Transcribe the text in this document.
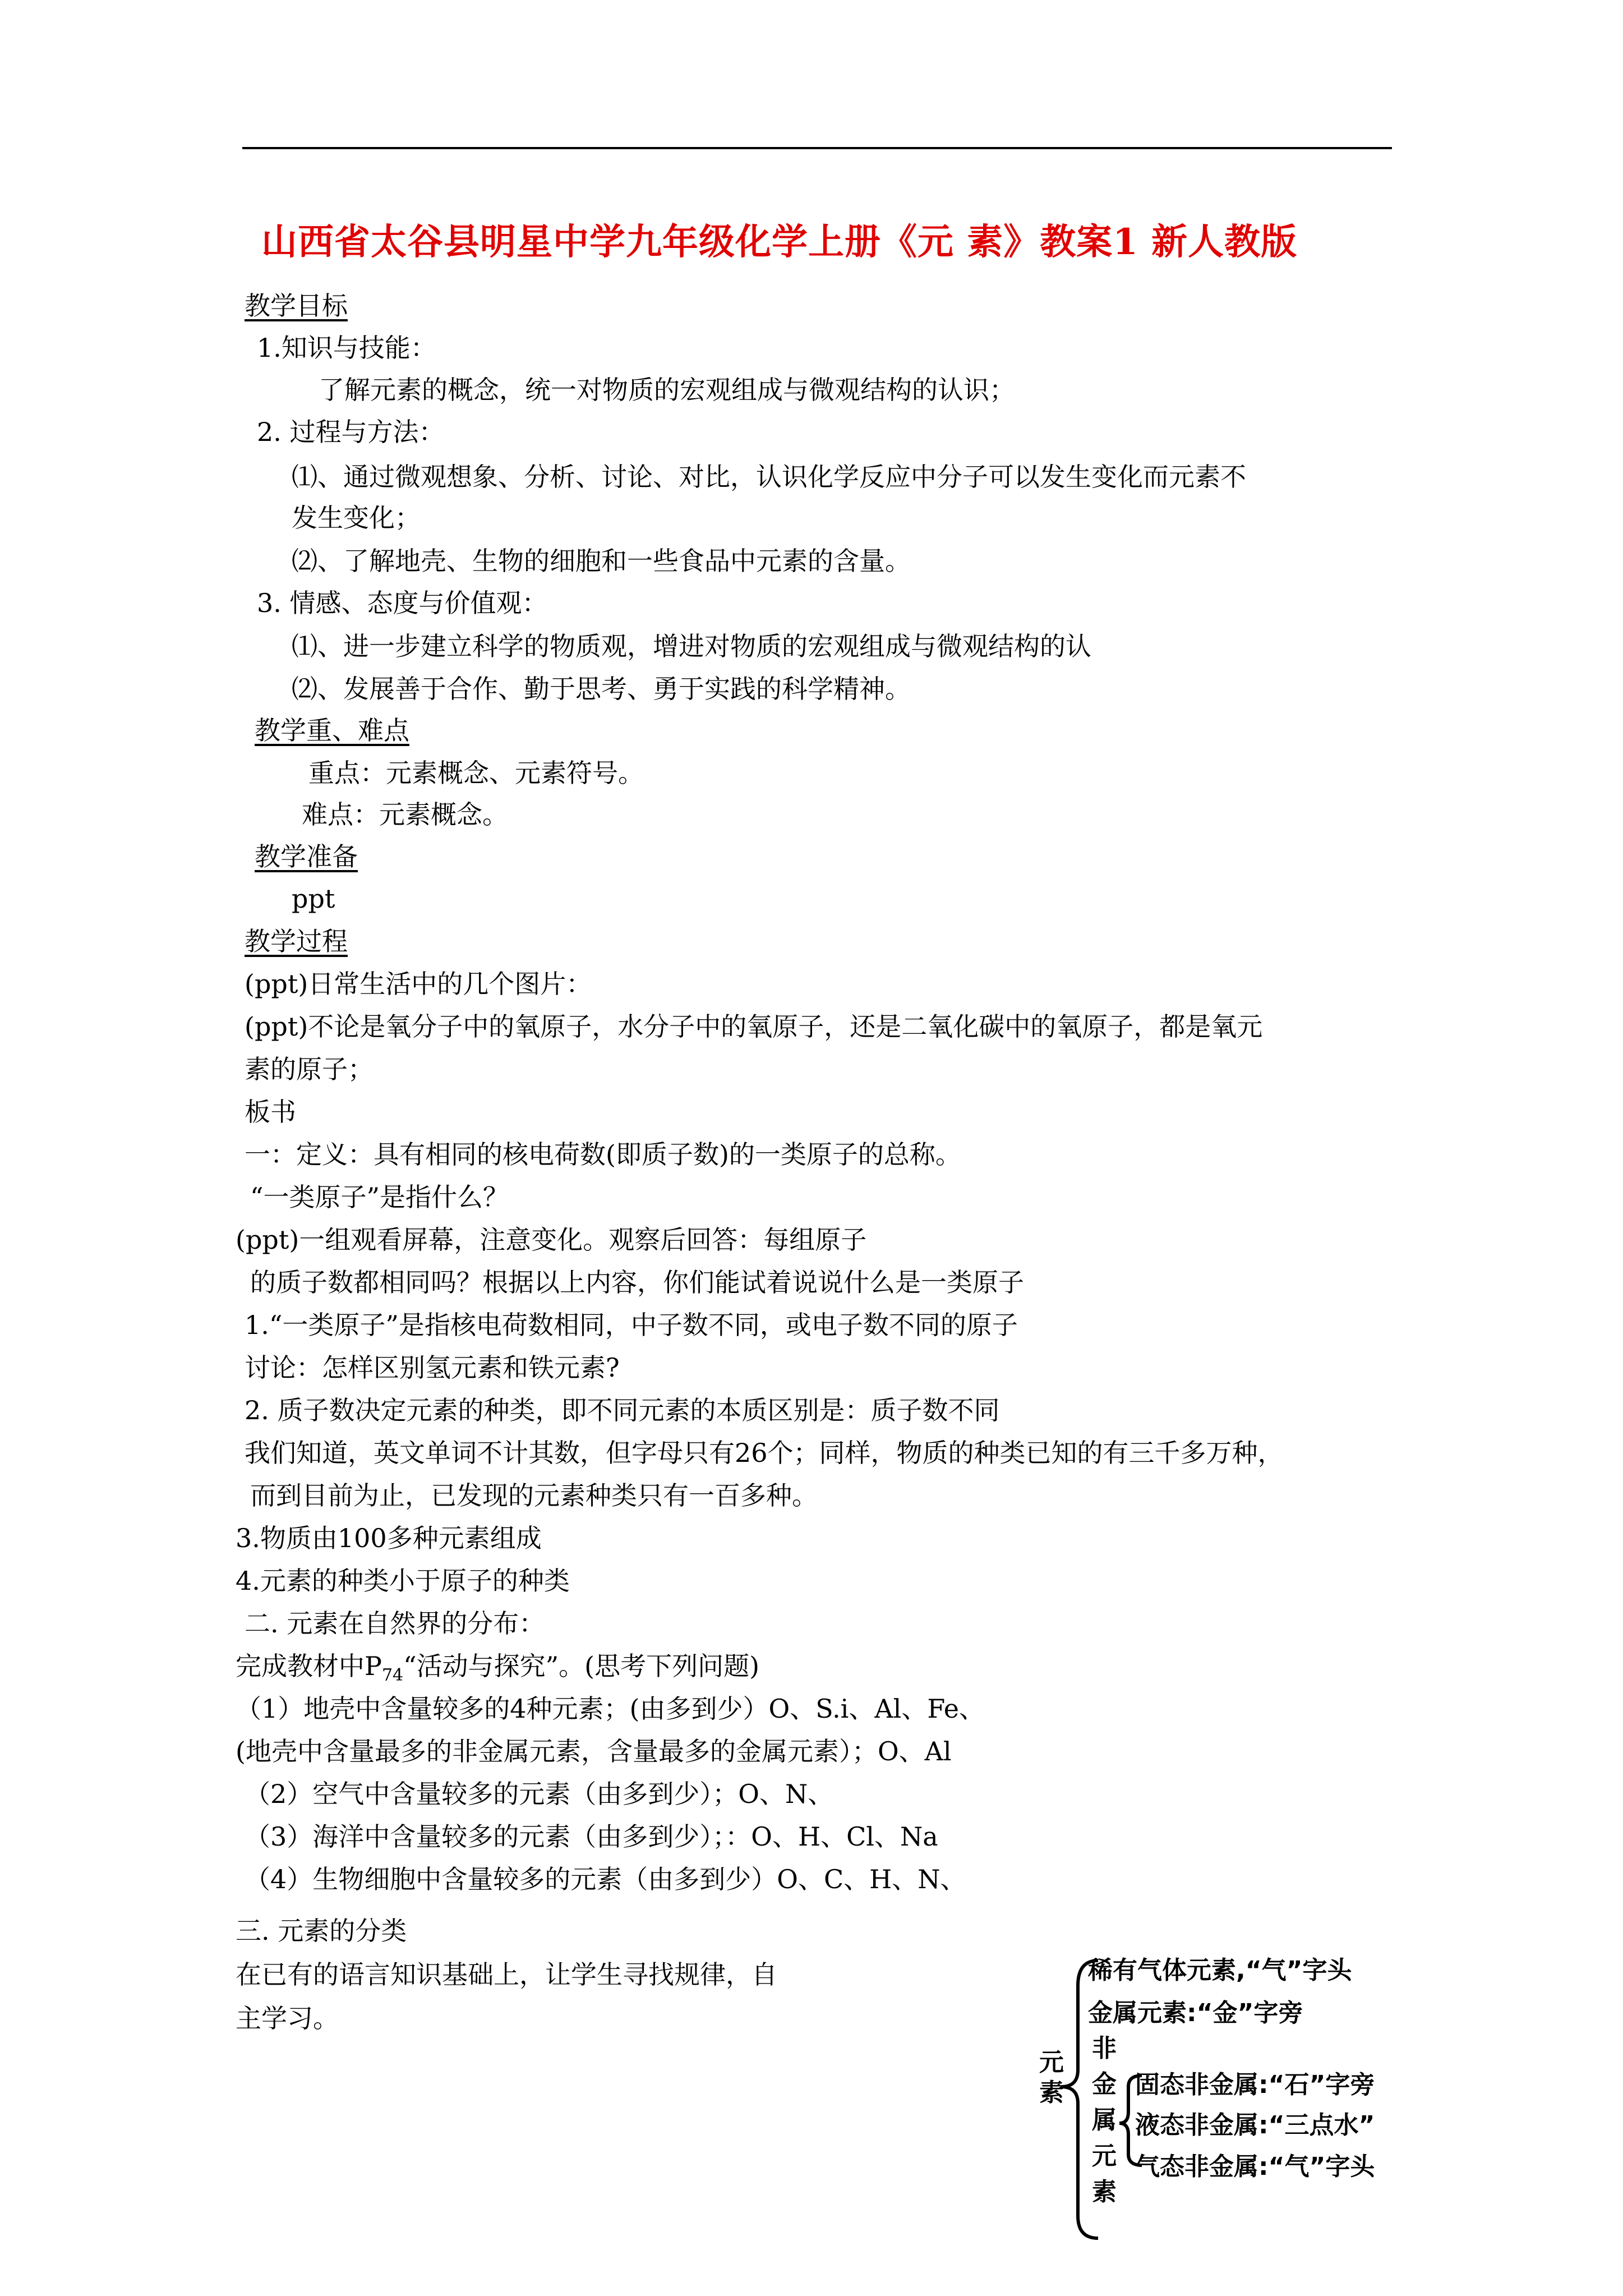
山西省太谷县明星中学九年级化学上册《元 素》教案1 新人教版
教学目标
1.知识与技能：
了解元素的概念，统一对物质的宏观组成与微观结构的认识；
2. 过程与方法：
⑴、通过微观想象、分析、讨论、对比，认识化学反应中分子可以发生变化而元素不
发生变化；
⑵、了解地壳、生物的细胞和一些食品中元素的含量。
3. 情感、态度与价值观：
⑴、进一步建立科学的物质观，增进对物质的宏观组成与微观结构的认
⑵、发展善于合作、勤于思考、勇于实践的科学精神。
教学重、难点
重点：元素概念、元素符号。
难点：元素概念。
教学准备
ppt
教学过程
(ppt)日常生活中的几个图片：
(ppt)不论是氧分子中的氧原子，水分子中的氧原子，还是二氧化碳中的氧原子，都是氧元
素的原子；
板书
一：定义：具有相同的核电荷数(即质子数)的一类原子的总称。
“一类原子”是指什么？
(ppt)一组观看屏幕，注意变化。观察后回答：每组原子
的质子数都相同吗？根据以上内容，你们能试着说说什么是一类原子
1.“一类原子”是指核电荷数相同，中子数不同，或电子数不同的原子
讨论：怎样区别氢元素和铁元素?
2. 质子数决定元素的种类，即不同元素的本质区别是：质子数不同
我们知道，英文单词不计其数，但字母只有26个；同样，物质的种类已知的有三千多万种，
而到目前为止，已发现的元素种类只有一百多种。
3.物质由100多种元素组成
4.元素的种类小于原子的种类
二. 元素在自然界的分布：
完成教材中$P_{74}“$活动与探究”。(思考下列问题)
（1）地壳中含量较多的4种元素；(由多到少）O、S.i、Al、Fe、
(地壳中含量最多的非金属元素，含量最多的金属元素）；O、Al
（2）空气中含量较多的元素（由多到少）；O、N、
（3）海洋中含量较多的元素（由多到少）；：O、H、Cl、Na
（4）生物细胞中含量较多的元素（由多到少）O、C、H、N、
三. 元素的分类
在已有的语言知识基础上，让学生寻找规律，自
主学习。
元
素
稀有气体元素,“气”字头
金属元素:“金”字旁
非
金
属
元
素
固态非金属:“石”字旁
液态非金属:“三点水”
气态非金属:“气”字头
